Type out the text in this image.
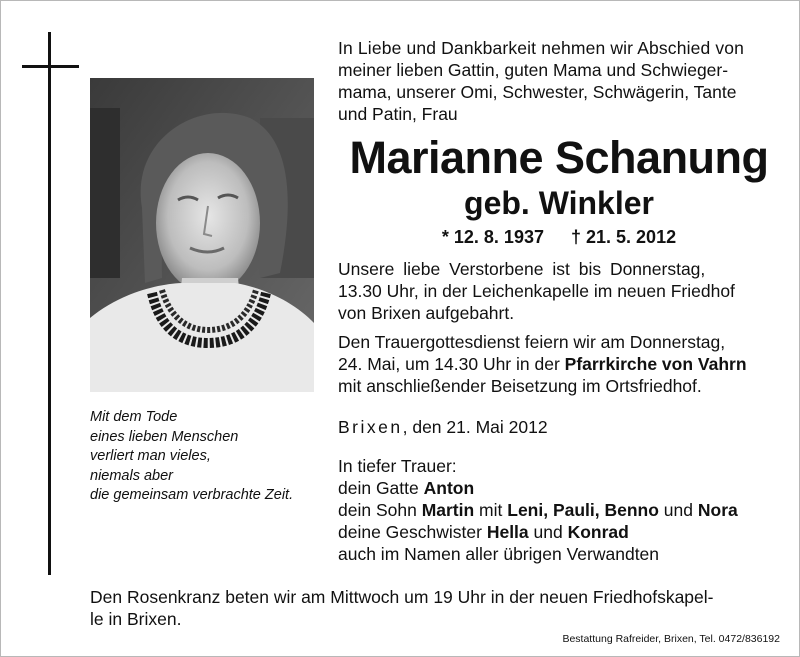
Mit dem Tode
eines lieben Menschen
verliert man vieles,
niemals aber
die gemeinsam verbrachte Zeit.
In Liebe und Dankbarkeit nehmen wir Abschied von
meiner lieben Gattin, guten Mama und Schwieger-
mama, unserer Omi, Schwester, Schwägerin, Tante
und Patin, Frau
Marianne Schanung
geb. Winkler
* 12. 8. 1937 † 21. 5. 2012
Unsere liebe Verstorbene ist bis Donnerstag,
13.30 Uhr, in der Leichenkapelle im neuen Friedhof
von Brixen aufgebahrt.
Den Trauergottesdienst feiern wir am Donnerstag,
24. Mai, um 14.30 Uhr in der Pfarrkirche von Vahrn
mit anschließender Beisetzung im Ortsfriedhof.
Brixen, den 21. Mai 2012
In tiefer Trauer:
dein Gatte Anton
dein Sohn Martin mit Leni, Pauli, Benno und Nora
deine Geschwister Hella und Konrad
auch im Namen aller übrigen Verwandten
Den Rosenkranz beten wir am Mittwoch um 19 Uhr in der neuen Friedhofskapel-
le in Brixen.
Bestattung Rafreider, Brixen, Tel. 0472/836192
